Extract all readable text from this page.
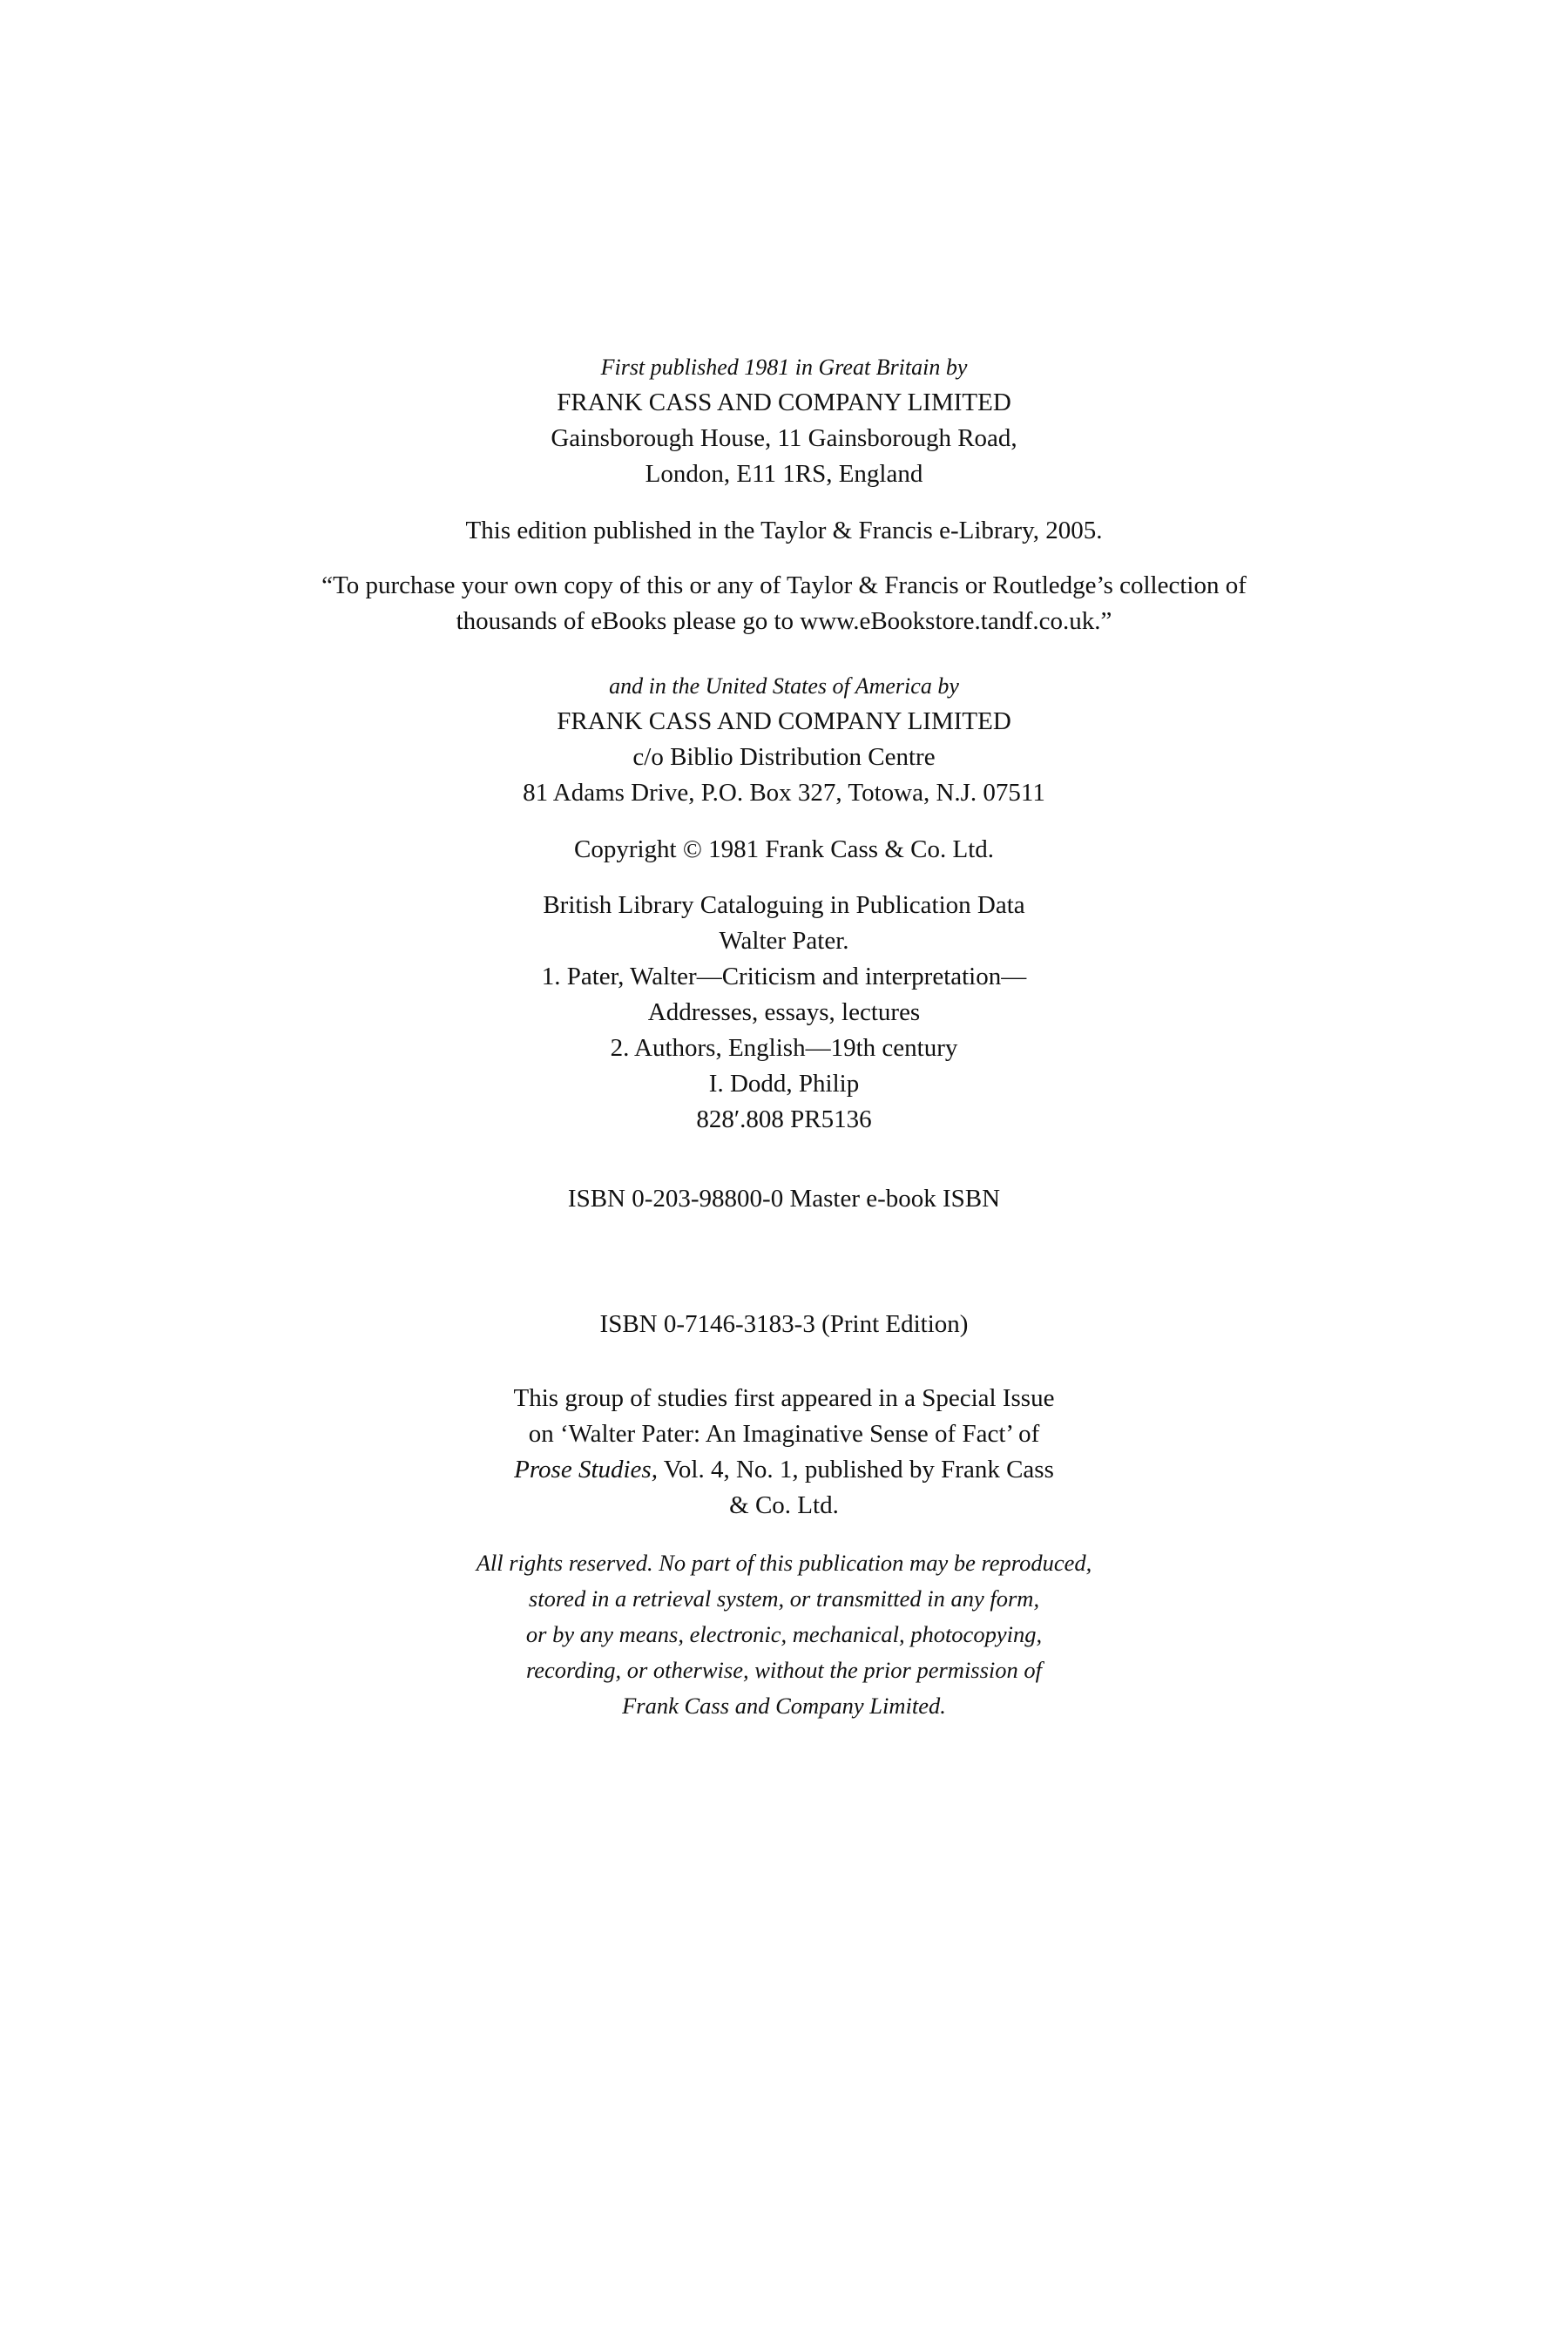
First published 1981 in Great Britain by
FRANK CASS AND COMPANY LIMITED
Gainsborough House, 11 Gainsborough Road,
London, E11 1RS, England
This edition published in the Taylor & Francis e-Library, 2005.
“To purchase your own copy of this or any of Taylor & Francis or Routledge’s collection of
thousands of eBooks please go to www.eBookstore.tandf.co.uk.”
and in the United States of America by
FRANK CASS AND COMPANY LIMITED
c/o Biblio Distribution Centre
81 Adams Drive, P.O. Box 327, Totowa, N.J. 07511
Copyright © 1981 Frank Cass & Co. Ltd.
British Library Cataloguing in Publication Data
Walter Pater.
1. Pater, Walter—Criticism and interpretation—
Addresses, essays, lectures
2. Authors, English—19th century
I. Dodd, Philip
828′.808 PR5136
ISBN 0-203-98800-0 Master e-book ISBN
ISBN 0-7146-3183-3 (Print Edition)
This group of studies first appeared in a Special Issue
on ‘Walter Pater: An Imaginative Sense of Fact’ of
Prose Studies, Vol. 4, No. 1, published by Frank Cass
& Co. Ltd.
All rights reserved. No part of this publication may be reproduced,
stored in a retrieval system, or transmitted in any form,
or by any means, electronic, mechanical, photocopying,
recording, or otherwise, without the prior permission of
Frank Cass and Company Limited.
